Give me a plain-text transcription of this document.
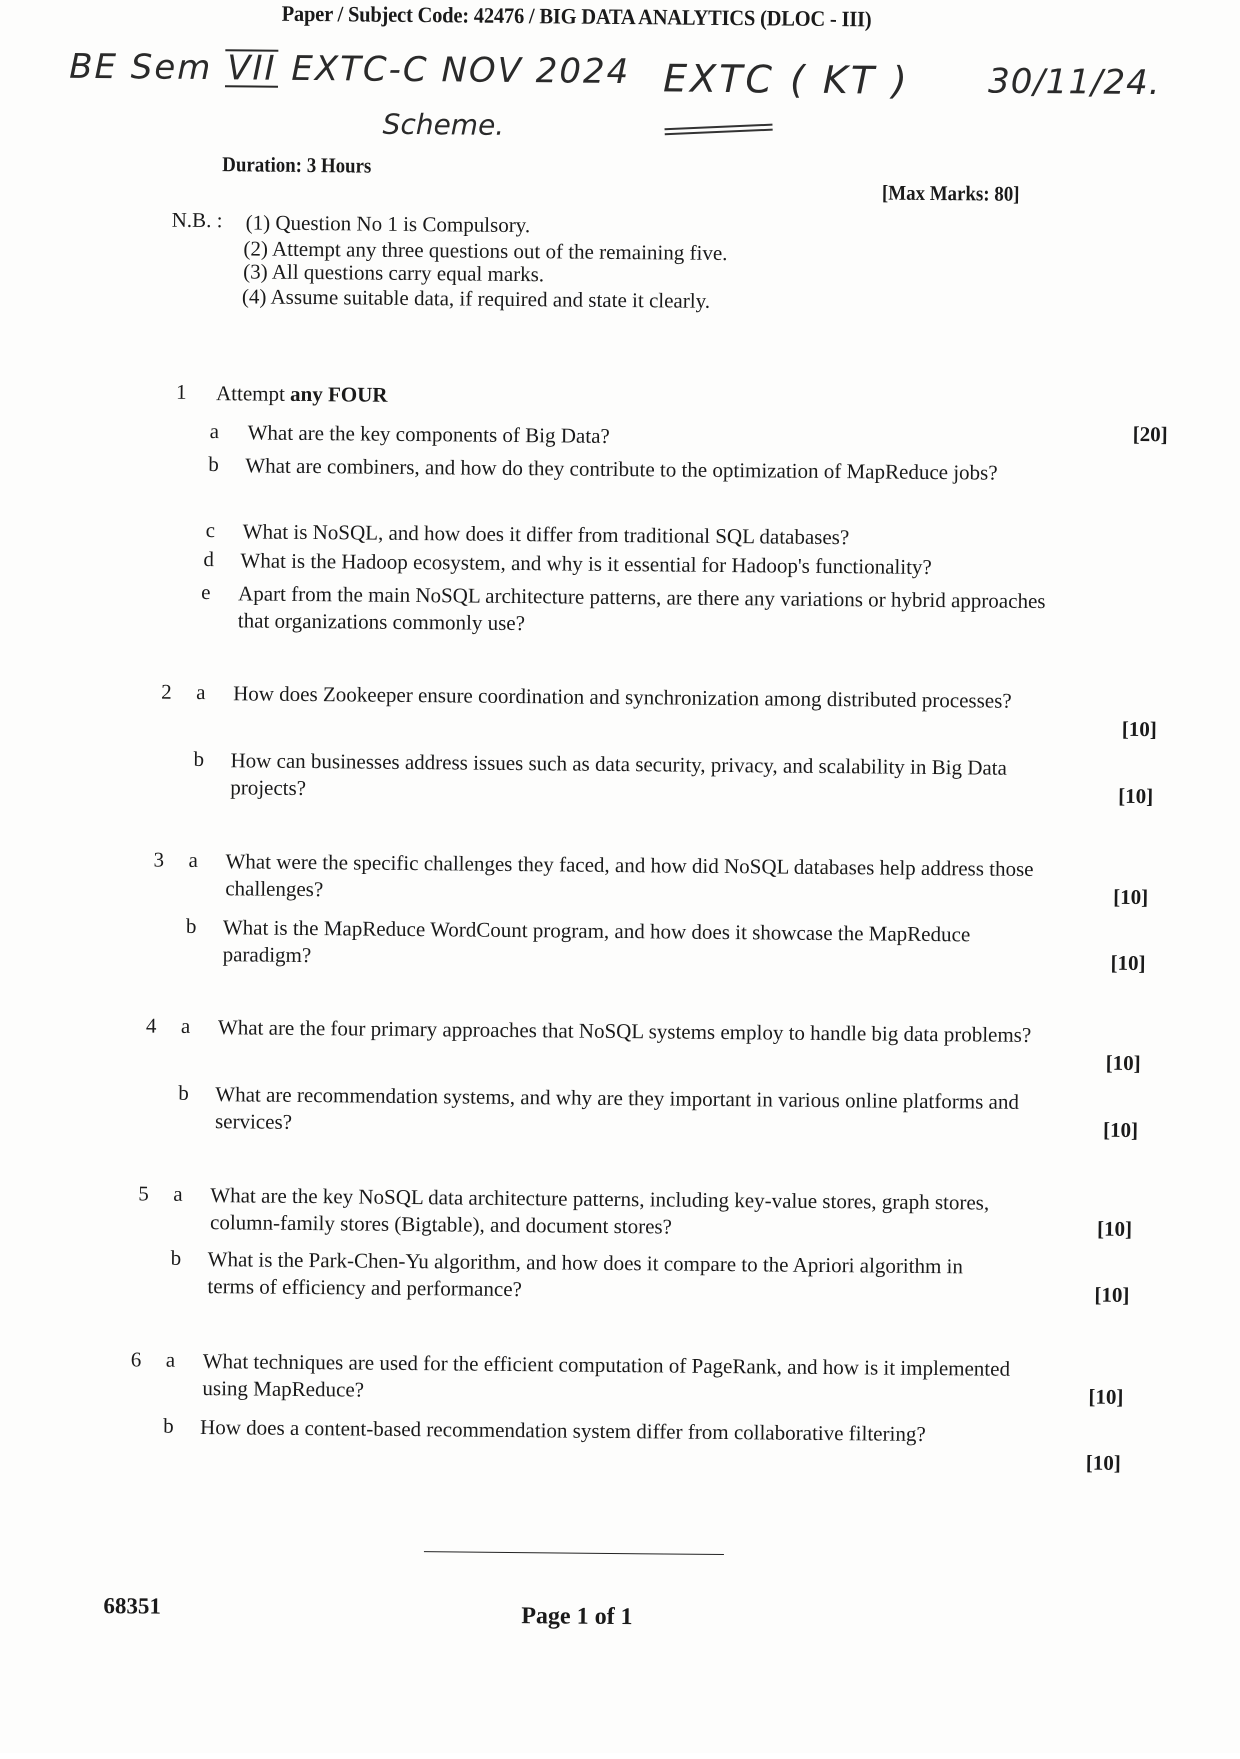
Paper / Subject Code: 42476 / BIG DATA ANALYTICS (DLOC - III)
BE Sem VII EXTC-C NOV 2024
Scheme.
EXTC ( KT ) 30/11/24.
Duration: 3 Hours
[Max Marks: 80]
N.B. : (1) Question No 1 is Compulsory.
(2) Attempt any three questions out of the remaining five.
(3) All questions carry equal marks.
(4) Assume suitable data, if required and state it clearly.
1 Attempt any FOUR
[20]
a What are the key components of Big Data?
b What are combiners, and how do they contribute to the optimization of MapReduce jobs?
c What is NoSQL, and how does it differ from traditional SQL databases?
d What is the Hadoop ecosystem, and why is it essential for Hadoop's functionality?
e Apart from the main NoSQL architecture patterns, are there any variations or hybrid approaches that organizations commonly use?
2 a How does Zookeeper ensure coordination and synchronization among distributed processes?
[10]
b How can businesses address issues such as data security, privacy, and scalability in Big Data projects?	[10]
3 a What were the specific challenges they faced, and how did NoSQL databases help address those challenges?	[10]
b What is the MapReduce WordCount program, and how does it showcase the MapReduce paradigm?	[10]
4 a What are the four primary approaches that NoSQL systems employ to handle big data problems?
[10]
b What are recommendation systems, and why are they important in various online platforms and services?	[10]
5 a What are the key NoSQL data architecture patterns, including key-value stores, graph stores, column-family stores (Bigtable), and document stores?	[10]
b What is the Park-Chen-Yu algorithm, and how does it compare to the Apriori algorithm in terms of efficiency and performance?	[10]
6 a What techniques are used for the efficient computation of PageRank, and how is it implemented using MapReduce?	[10]
b How does a content-based recommendation system differ from collaborative filtering?
[10]
68351	Page 1 of 1
